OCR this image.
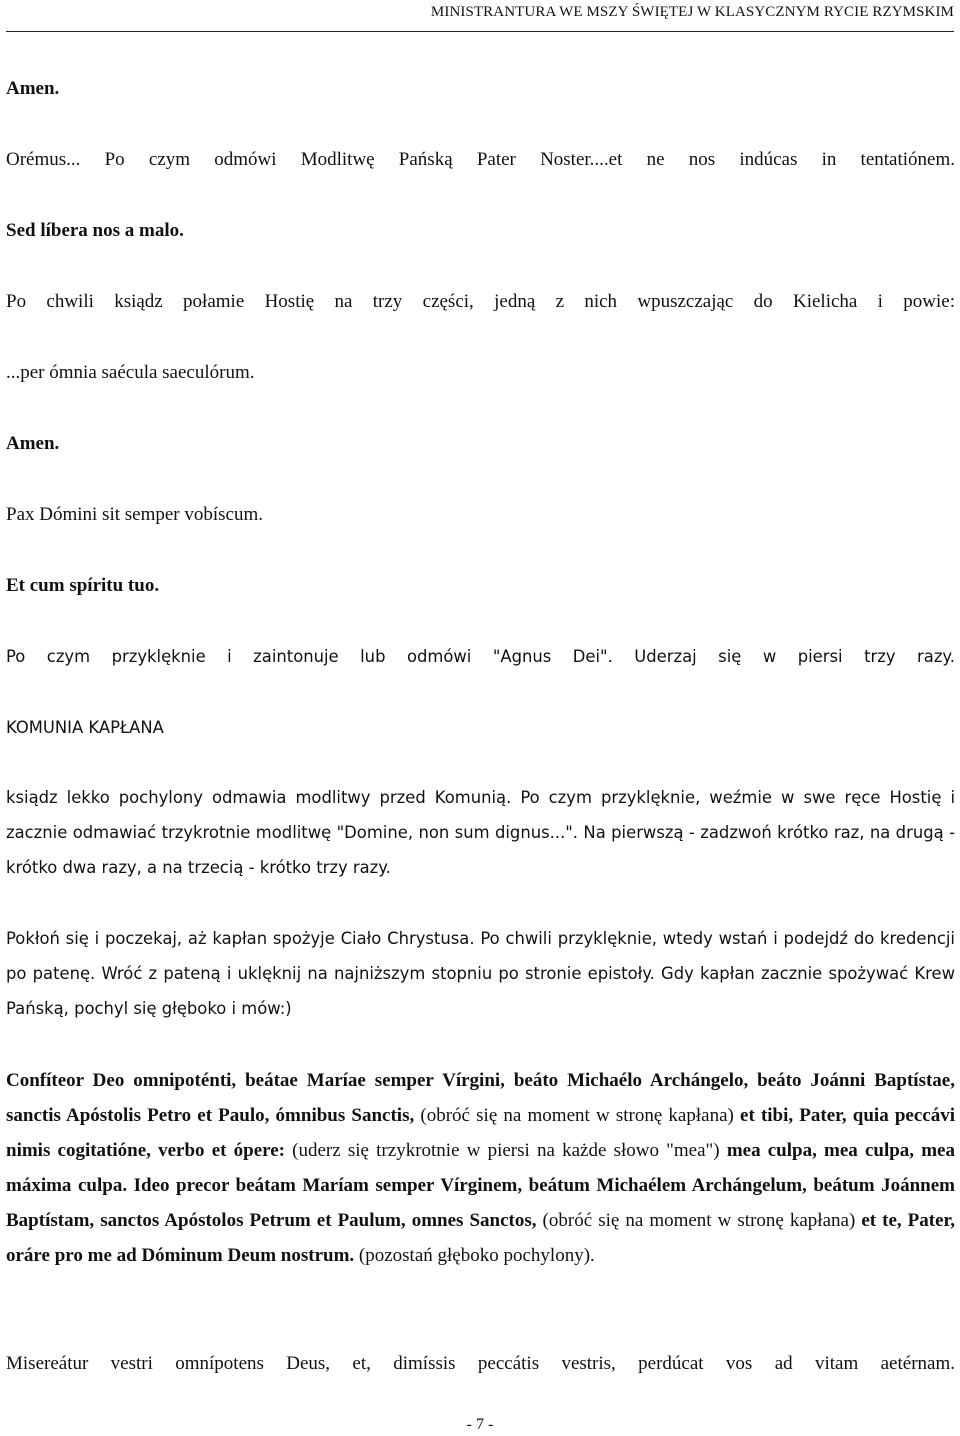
MINISTRANTURA WE MSZY ŚWIĘTEJ W KLASYCZNYM RYCIE RZYMSKIM

Amen.

Orémus... Po czym odmówi Modlitwę Pańską Pater Noster....et ne nos indúcas in tentatiónem.

Sed líbera nos a malo.

Po chwili ksiądz połamie Hostię na trzy części, jedną z nich wpuszczając do Kielicha i powie:

...per ómnia saécula saeculórum.

Amen.

Pax Dómini sit semper vobíscum.

Et cum spíritu tuo.

Po czym przyklęknie i zaintonuje lub odmówi "Agnus Dei". Uderzaj się w piersi trzy razy.

KOMUNIA KAPŁANA

ksiądz lekko pochylony odmawia modlitwy przed Komunią. Po czym przyklęknie, weźmie w swe ręce Hostię i zacznie odmawiać trzykrotnie modlitwę "Domine, non sum dignus...". Na pierwszą - zadzwoń krótko raz, na drugą - krótko dwa razy, a na trzecią - krótko trzy razy.

Pokłoń się i poczekaj, aż kapłan spożyje Ciało Chrystusa. Po chwili przyklęknie, wtedy wstań i podejdź do kredencji po patenę. Wróć z pateną i uklęknij na najniższym stopniu po stronie epistoły. Gdy kapłan zacznie spożywać Krew Pańską, pochyl się głęboko i mów:)

Confíteor Deo omnipoténti, beátae Maríae semper Vírgini, beáto Michaélo Archángelo, beáto Joánni Baptístae, sanctis Apóstolis Petro et Paulo, ómnibus Sanctis, (obróć się na moment w stronę kapłana) et tibi, Pater, quia peccávi nimis cogitatióne, verbo et ópere: (uderz się trzykrotnie w piersi na każde słowo "mea") mea culpa, mea culpa, mea máxima culpa. Ideo precor beátam Maríam semper Vírginem, beátum Michaélem Archángelum, beátum Joánnem Baptístam, sanctos Apóstolos Petrum et Paulum, omnes Sanctos, (obróć się na moment w stronę kapłana) et te, Pater, oráre pro me ad Dóminum Deum nostrum. (pozostań głęboko pochylony).

Misereátur vestri omnípotens Deus, et, dimíssis peccátis vestris, perdúcat vos ad vitam aetérnam.

- 7 -
